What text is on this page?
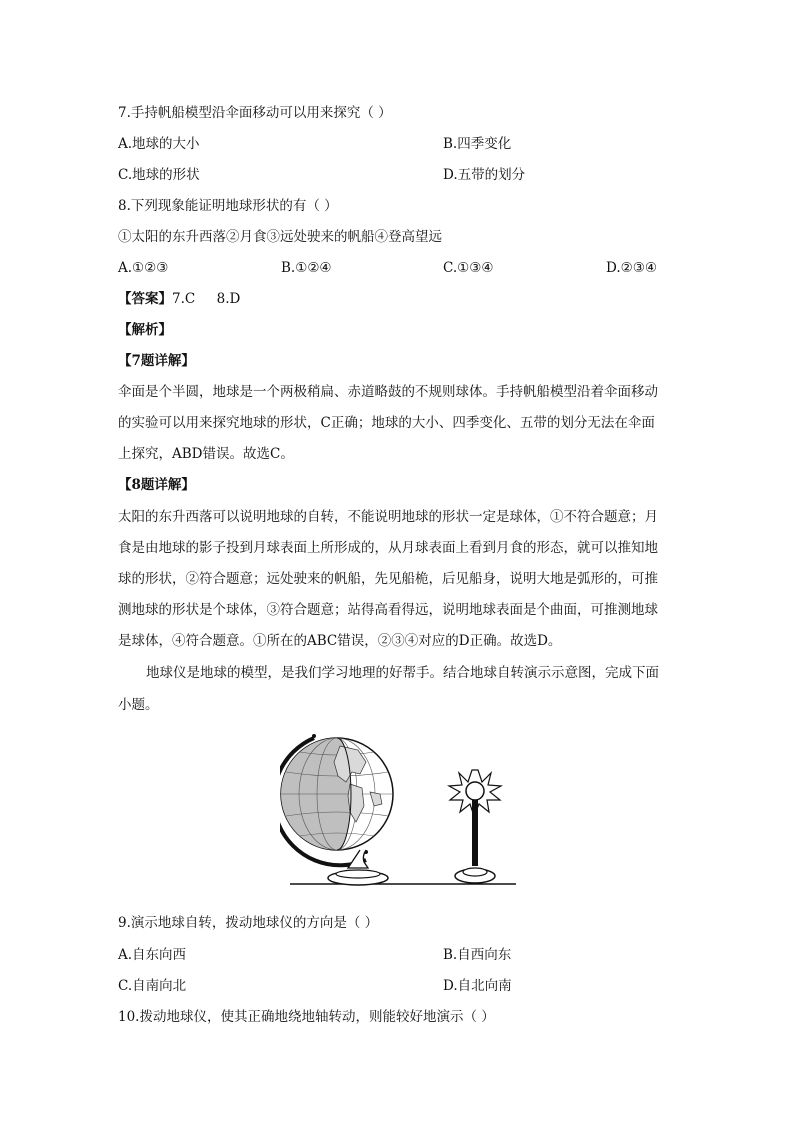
7.手持帆船模型沿伞面移动可以用来探究（ ）
A.地球的大小	B.四季变化
C.地球的形状	D.五带的划分
8.下列现象能证明地球形状的有（ ）
①太阳的东升西落②月食③远处驶来的帆船④登高望远
A.①②③	B.①②④	C.①③④	D.②③④
【答案】7.C     8.D
【解析】
【7题详解】
伞面是个半圆，地球是一个两极稍扁、赤道略鼓的不规则球体。手持帆船模型沿着伞面移动
的实验可以用来探究地球的形状，C正确；地球的大小、四季变化、五带的划分无法在伞面
上探究，ABD错误。故选C。
【8题详解】
太阳的东升西落可以说明地球的自转，不能说明地球的形状一定是球体，①不符合题意；月
食是由地球的影子投到月球表面上所形成的，从月球表面上看到月食的形态，就可以推知地
球的形状，②符合题意；远处驶来的帆船，先见船桅，后见船身，说明大地是弧形的，可推
测地球的形状是个球体，③符合题意；站得高看得远，说明地球表面是个曲面，可推测地球
是球体，④符合题意。①所在的ABC错误，②③④对应的D正确。故选D。
地球仪是地球的模型，是我们学习地理的好帮手。结合地球自转演示示意图，完成下面
小题。
9.演示地球自转，拨动地球仪的方向是（ ）
A.自东向西	B.自西向东
C.自南向北	D.自北向南
10.拨动地球仪，使其正确地绕地轴转动，则能较好地演示（ ）
